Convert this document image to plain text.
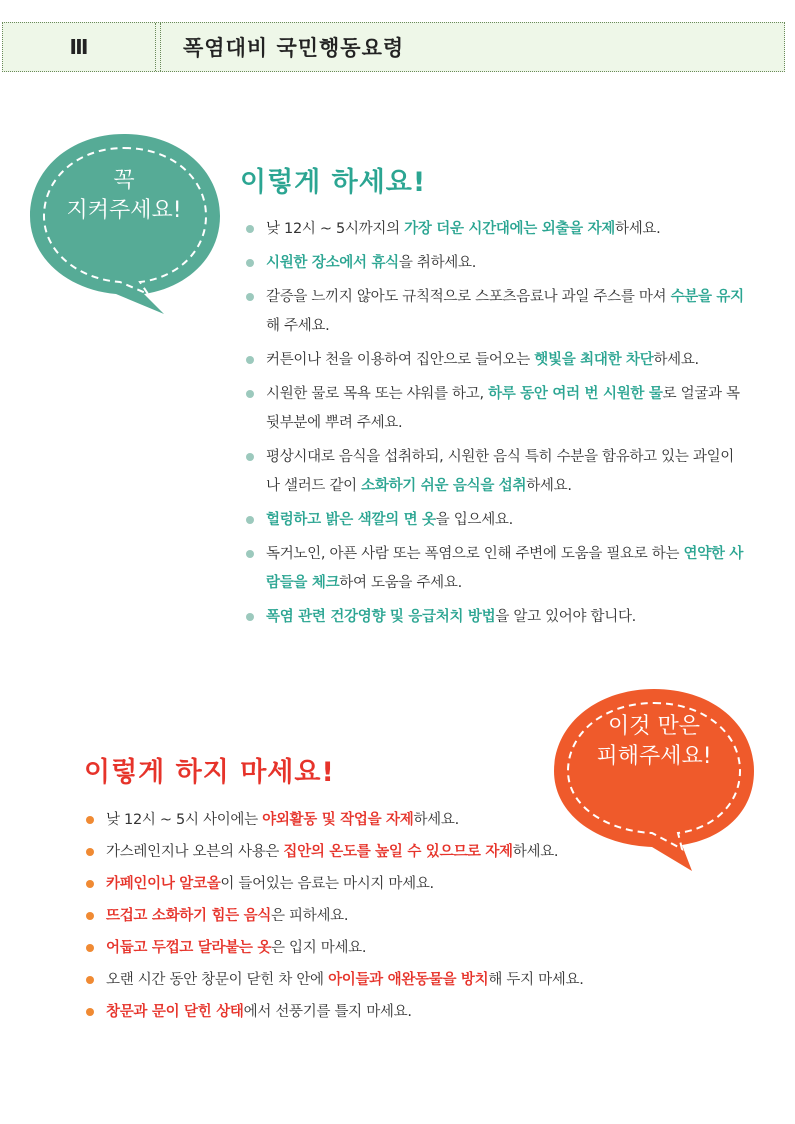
Ⅲ	폭염대비 국민행동요령
꼭
지켜주세요!
이렇게 하세요!
낮 12시 ~ 5시까지의 가장 더운 시간대에는 외출을 자제하세요.
시원한 장소에서 휴식을 취하세요.
갈증을 느끼지 않아도 규칙적으로 스포츠음료나 과일 주스를 마셔 수분을 유지해 주세요.
커튼이나 천을 이용하여 집안으로 들어오는 햇빛을 최대한 차단하세요.
시원한 물로 목욕 또는 샤워를 하고, 하루 동안 여러 번 시원한 물로 얼굴과 목 뒷부분에 뿌려 주세요.
평상시대로 음식을 섭취하되, 시원한 음식 특히 수분을 함유하고 있는 과일이나 샐러드 같이 소화하기 쉬운 음식을 섭취하세요.
헐렁하고 밝은 색깔의 면 옷을 입으세요.
독거노인, 아픈 사람 또는 폭염으로 인해 주변에 도움을 필요로 하는 연약한 사람들을 체크하여 도움을 주세요.
폭염 관련 건강영향 및 응급처치 방법을 알고 있어야 합니다.
이것 만은
피해주세요!
이렇게 하지 마세요!
낮 12시 ~ 5시 사이에는 야외활동 및 작업을 자제하세요.
가스레인지나 오븐의 사용은 집안의 온도를 높일 수 있으므로 자제하세요.
카페인이나 알코올이 들어있는 음료는 마시지 마세요.
뜨겁고 소화하기 힘든 음식은 피하세요.
어둡고 두껍고 달라붙는 옷은 입지 마세요.
오랜 시간 동안 창문이 닫힌 차 안에 아이들과 애완동물을 방치해 두지 마세요.
창문과 문이 닫힌 상태에서 선풍기를 틀지 마세요.
